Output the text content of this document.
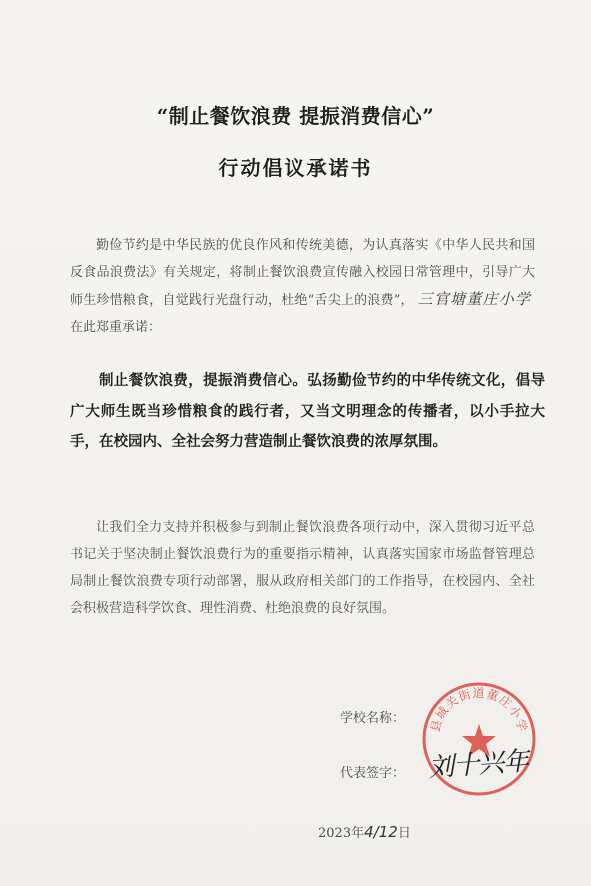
“制止餐饮浪费 提振消费信心”
行动倡议承诺书
勤俭节约是中华民族的优良作风和传统美德，为认真落实《中华人民共和国反食品浪费法》有关规定，将制止餐饮浪费宣传融入校园日常管理中，引导广大师生珍惜粮食，自觉践行光盘行动，杜绝“舌尖上的浪费”， 三官塘董庄小学在此郑重承诺：
制止餐饮浪费，提振消费信心。弘扬勤俭节约的中华传统文化，倡导广大师生既当珍惜粮食的践行者，又当文明理念的传播者，以小手拉大手，在校园内、全社会努力营造制止餐饮浪费的浓厚氛围。
让我们全力支持并积极参与到制止餐饮浪费各项行动中，深入贯彻习近平总书记关于坚决制止餐饮浪费行为的重要指示精神，认真落实国家市场监督管理总局制止餐饮浪费专项行动部署，服从政府相关部门的工作指导，在校园内、全社会积极营造科学饮食、理性消费、杜绝浪费的良好氛围。
学校名称：
代表签字：
县城关街道董庄小学
刘十兴年
2023年4/12日
